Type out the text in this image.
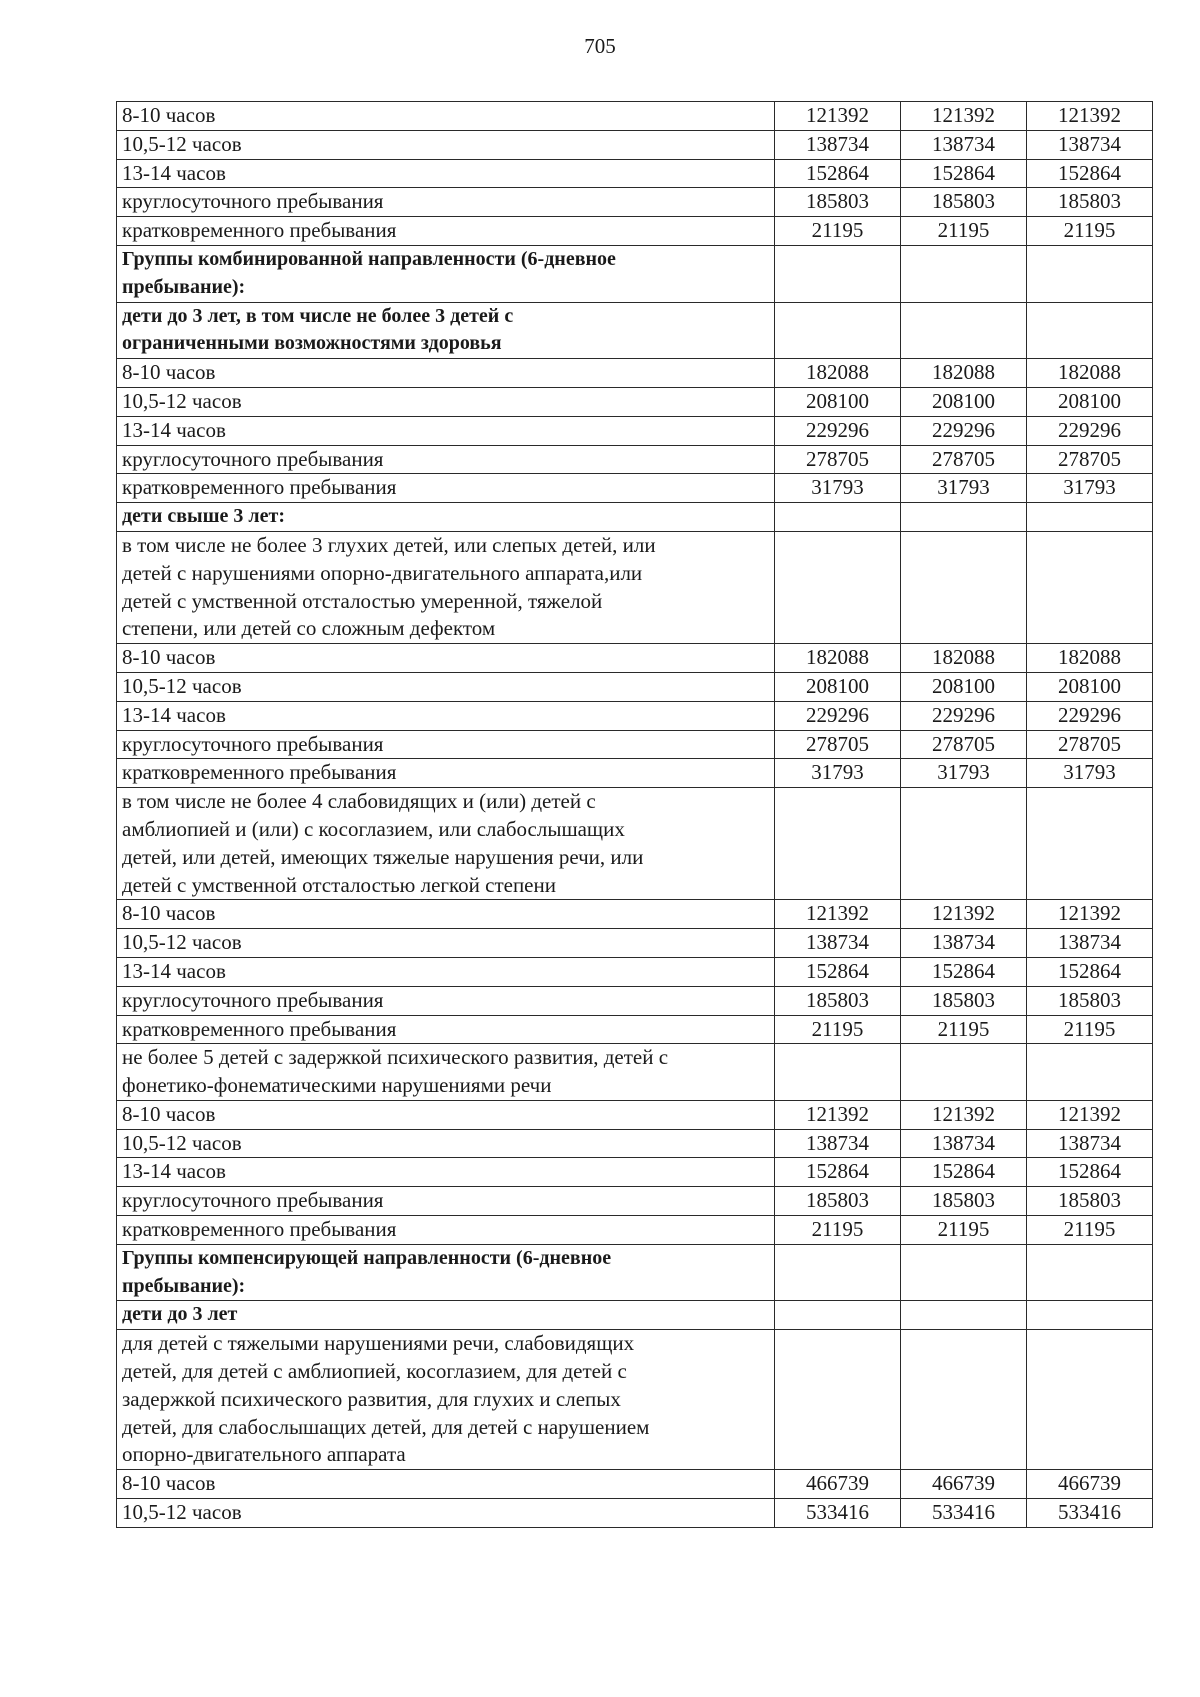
705
8-10 часов	121392	121392	121392
10,5-12 часов	138734	138734	138734
13-14 часов	152864	152864	152864
круглосуточного пребывания	185803	185803	185803
кратковременного пребывания	21195	21195	21195
Группы комбинированной направленности (6-дневное
пребывание):			
дети до 3 лет, в том числе не более 3 детей с
ограниченными возможностями здоровья			
8-10 часов	182088	182088	182088
10,5-12 часов	208100	208100	208100
13-14 часов	229296	229296	229296
круглосуточного пребывания	278705	278705	278705
кратковременного пребывания	31793	31793	31793
дети свыше 3 лет:			
в том числе не более 3 глухих детей, или слепых детей, или
детей с нарушениями опорно-двигательного аппарата,или
детей с умственной отсталостью умеренной, тяжелой
степени, или детей со сложным дефектом			
8-10 часов	182088	182088	182088
10,5-12 часов	208100	208100	208100
13-14 часов	229296	229296	229296
круглосуточного пребывания	278705	278705	278705
кратковременного пребывания	31793	31793	31793
в том числе не более 4 слабовидящих и (или) детей с
амблиопией и (или) с косоглазием, или слабослышащих
детей, или детей, имеющих тяжелые нарушения речи, или
детей с умственной отсталостью легкой степени			
8-10 часов	121392	121392	121392
10,5-12 часов	138734	138734	138734
13-14 часов	152864	152864	152864
круглосуточного пребывания	185803	185803	185803
кратковременного пребывания	21195	21195	21195
не более 5 детей с задержкой психического развития, детей с
фонетико-фонематическими нарушениями речи			
8-10 часов	121392	121392	121392
10,5-12 часов	138734	138734	138734
13-14 часов	152864	152864	152864
круглосуточного пребывания	185803	185803	185803
кратковременного пребывания	21195	21195	21195
Группы компенсирующей направленности (6-дневное
пребывание):			
дети до 3 лет			
для детей с тяжелыми нарушениями речи, слабовидящих
детей, для детей с амблиопией, косоглазием, для детей с
задержкой психического развития, для глухих и слепых
детей, для слабослышащих детей, для детей с нарушением
опорно-двигательного аппарата			
8-10 часов	466739	466739	466739
10,5-12 часов	533416	533416	533416
